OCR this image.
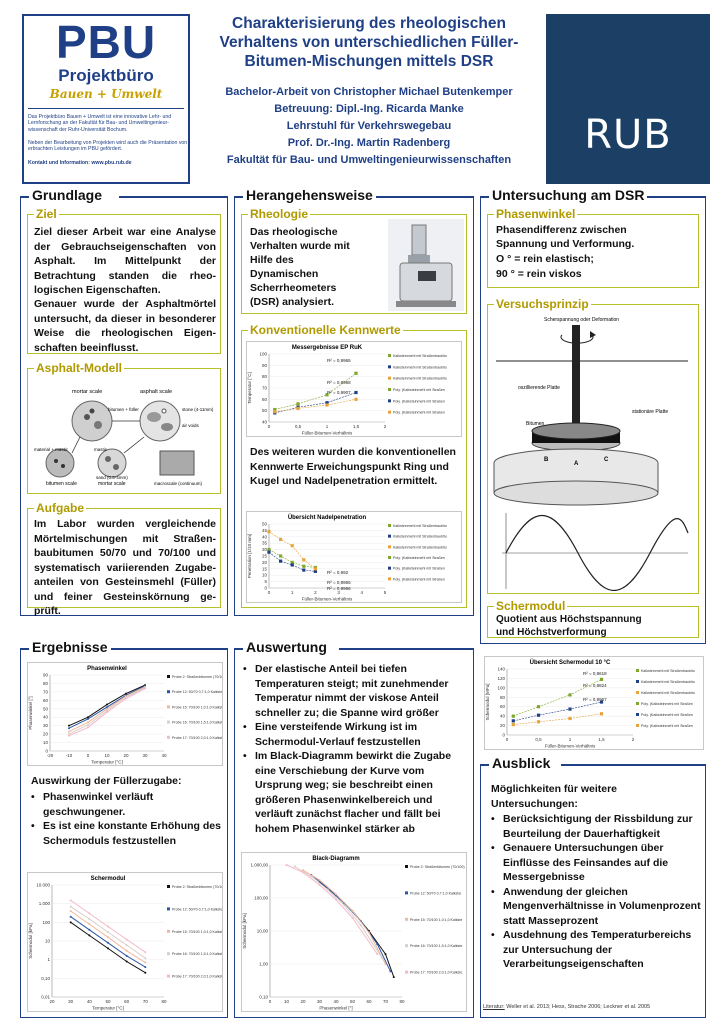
PBU
Projektbüro
Bauen + Umwelt
Das Projektbüro Bauen + Umwelt ist eine innovative Lehr- und Lernforschung an der Fakultät für Bau- und Umweltingenieur-wissenschaft der Ruhr-Universität Bochum.
Neben der Bearbeitung von Projekten wird auch die Präsentation von erbrachten Leistungen im PBU gefördert.
Kontakt und Information: www.pbu.rub.de
Charakterisierung des rheologischen
Verhaltens von unterschiedlichen Füller-
Bitumen-Mischungen mittels DSR
Bachelor-Arbeit von Christopher Michael Butenkemper
Betreuung: Dipl.-Ing. Ricarda Manke
Lehrstuhl für Verkehrswegebau
Prof. Dr.-Ing. Martin Radenberg
Fakultät für Bau- und Umweltingenieurwissenschaften
RUB
Grundlage
Ziel
Ziel dieser Arbeit war eine Analyse der Gebrauchseigenschaften von Asphalt. Im Mittelpunkt der Betrachtung standen die rheo-logischen Eigenschaften.
Genauer wurde der Asphaltmörtel untersucht, da dieser in besonderer Weise die rheologischen Eigen-schaften beeinflusst.
Asphalt-Modell
mortar scale	asphalt scale
bitumen + füller	stone (4-11mm)
air voids
material + mastic
bitumen scale
mastic
sand (0.5-4mm)
mortar scale	macroscale (continuum)
Aufgabe
Im Labor wurden vergleichende Mörtelmischungen mit Straßen-baubitumen 50/70 und 70/100 und systematisch variierenden Zugabe-anteilen von Gesteinsmehl (Füller) und feiner Gesteinskörnung ge-prüft.
Herangehensweise
Rheologie
Das rheologische Verhalten wurde mit Hilfe des Dynamischen Scherrheometers (DSR) analysiert.
Konventionelle Kennwerte
Messergebnisse EP RuK
40
50
60
70
80
90
100
0	0,5	1	1,5	2
Füller-Bitumen-Verhältnis
Temperatur [°C]
Kalksteinmehl mit Straßenbaubitu
Kalksteinmehl mit Straßenbaubitu
Kalksteinmehl mit Straßenbaubitu
Poly. (Kalksteinmehl mit Straßen
Poly. (Kalksteinmehl mit Straßen
Poly. (Kalksteinmehl mit Straßen
R² = 0,9965
R² = 0,9968
R² = 0,9907
Des weiteren wurden die konventionellen Kennwerte Erweichungspunkt Ring und Kugel und Nadelpenetration ermittelt.
Übersicht Nadelpenetration
0
5
10
15
20
25
30
35
40
45
50
0	1	2	3	4	5
Füller-Bitumen-Verhältnis
Penetration [1/10 mm]
Kalksteinmehl mit Straßenbaubitu
Kalksteinmehl mit Straßenbaubitu
Kalksteinmehl mit Straßenbaubitu
Poly. (Kalksteinmehl mit Straßen
Poly. (Kalksteinmehl mit Straßen
Poly. (Kalksteinmehl mit Straßen
R² = 0,992
R² = 0,9965
R² = 0,9966
Untersuchung am DSR
Phasenwinkel
Phasendifferenz zwischen
Spannung und Verformung.
O ° = rein elastisch;
90 ° = rein viskos
Versuchsprinzip
Scherspannung oder Deformation
oszillierende Platte
stationäre Platte
Bitumen
B
A
C
Schermodul
Quotient aus Höchstspannung
und Höchstverformung
Ergebnisse
Phasenwinkel
0
10
20
30
40
50
60
70
80
90
-20	-10	0	10	20	30	40
Temperatur [°C]
Phasenwinkel [°]
Probe 2: Straßenbitumen (70/100)
Probe 12: 50/70 0,7:1,0 Kalkstei
Probe 15: 70/100 1,0:1,0 Kalkste
Probe 16: 70/100 1,5:1,0 Kalkste
Probe 17: 70/100 2,0:1,0 Kalkste
Auswirkung der Füllerzugabe:
• Phasenwinkel verläuft geschwungener.
• Es ist eine konstante Erhöhung des Schermoduls festzustellen
Schermodul
10.000
1.000
100
10
1
0,10
0,01
20	30	40	50	60	70	80
Temperatur [°C]
Schermodul [kPa]
Probe 2: Straßenbitumen (70/100)
Probe 12: 50/70 0,7:1,0 Kalkstei
Probe 15: 70/100 1,0:1,0 Kalkste
Probe 16: 70/100 1,5:1,0 Kalkste
Probe 17: 70/100 2,0:1,0 Kalkste
Auswertung
• Der elastische Anteil bei tiefen Temperaturen steigt; mit zunehmender Temperatur nimmt der viskose Anteil schneller zu; die Spanne wird größer
• Eine versteifende Wirkung ist im Schermodul-Verlauf festzustellen
• Im Black-Diagramm bewirkt die Zugabe eine Verschiebung der Kurve vom Ursprung weg; sie beschreibt einen größeren Phasenwinkelbereich und verläuft zunächst flacher und fällt bei hohem Phasenwinkel stärker ab
Black-Diagramm
1.000,00
100,00
10,00
1,00
0,10
0	10	20	30	40	50	60	70	80
Phasenwinkel [°]
Schermodul [kPa]
Probe 2: Straßenbitumen (70/100)
Probe 12: 50/70 0,7:1,0 Kalkstei
Probe 15: 70/100 1,0:1,0 Kalkste
Probe 16: 70/100 1,5:1,0 Kalkste
Probe 17: 70/100 2,0:1,0 Kalkste
Übersicht Schermodul 10 °C
0
20
40
60
80
100
120
140
0	0,5	1	1,5	2
Füller-Bitumen-Verhältnis
Schermodul [MPa]
Kalksteinmehl mit Straßenbaubitu
Kalksteinmehl mit Straßenbaubitu
Kalksteinmehl mit Straßenbaubitu
Poly. (Kalksteinmehl mit Straßen
Poly. (Kalksteinmehl mit Straßen
Poly. (Kalksteinmehl mit Straßen
R² = 0,9618
R² = 0,9824
R² = 0,9967
Ausblick
Möglichkeiten für weitere Untersuchungen:
• Berücksichtigung der Rissbildung zur Beurteilung der Dauerhaftigkeit
• Genauere Untersuchungen über Einflüsse des Feinsandes auf die Messergebnisse
• Anwendung der gleichen Mengenverhältnisse in Volumenprozent statt Masseprozent
• Ausdehnung des Temperaturbereichs zur Untersuchung der Verarbeitungseigenschaften
Literatur: Weller et al. 2013; Hess, Strache 2006; Leckner et al. 2005
